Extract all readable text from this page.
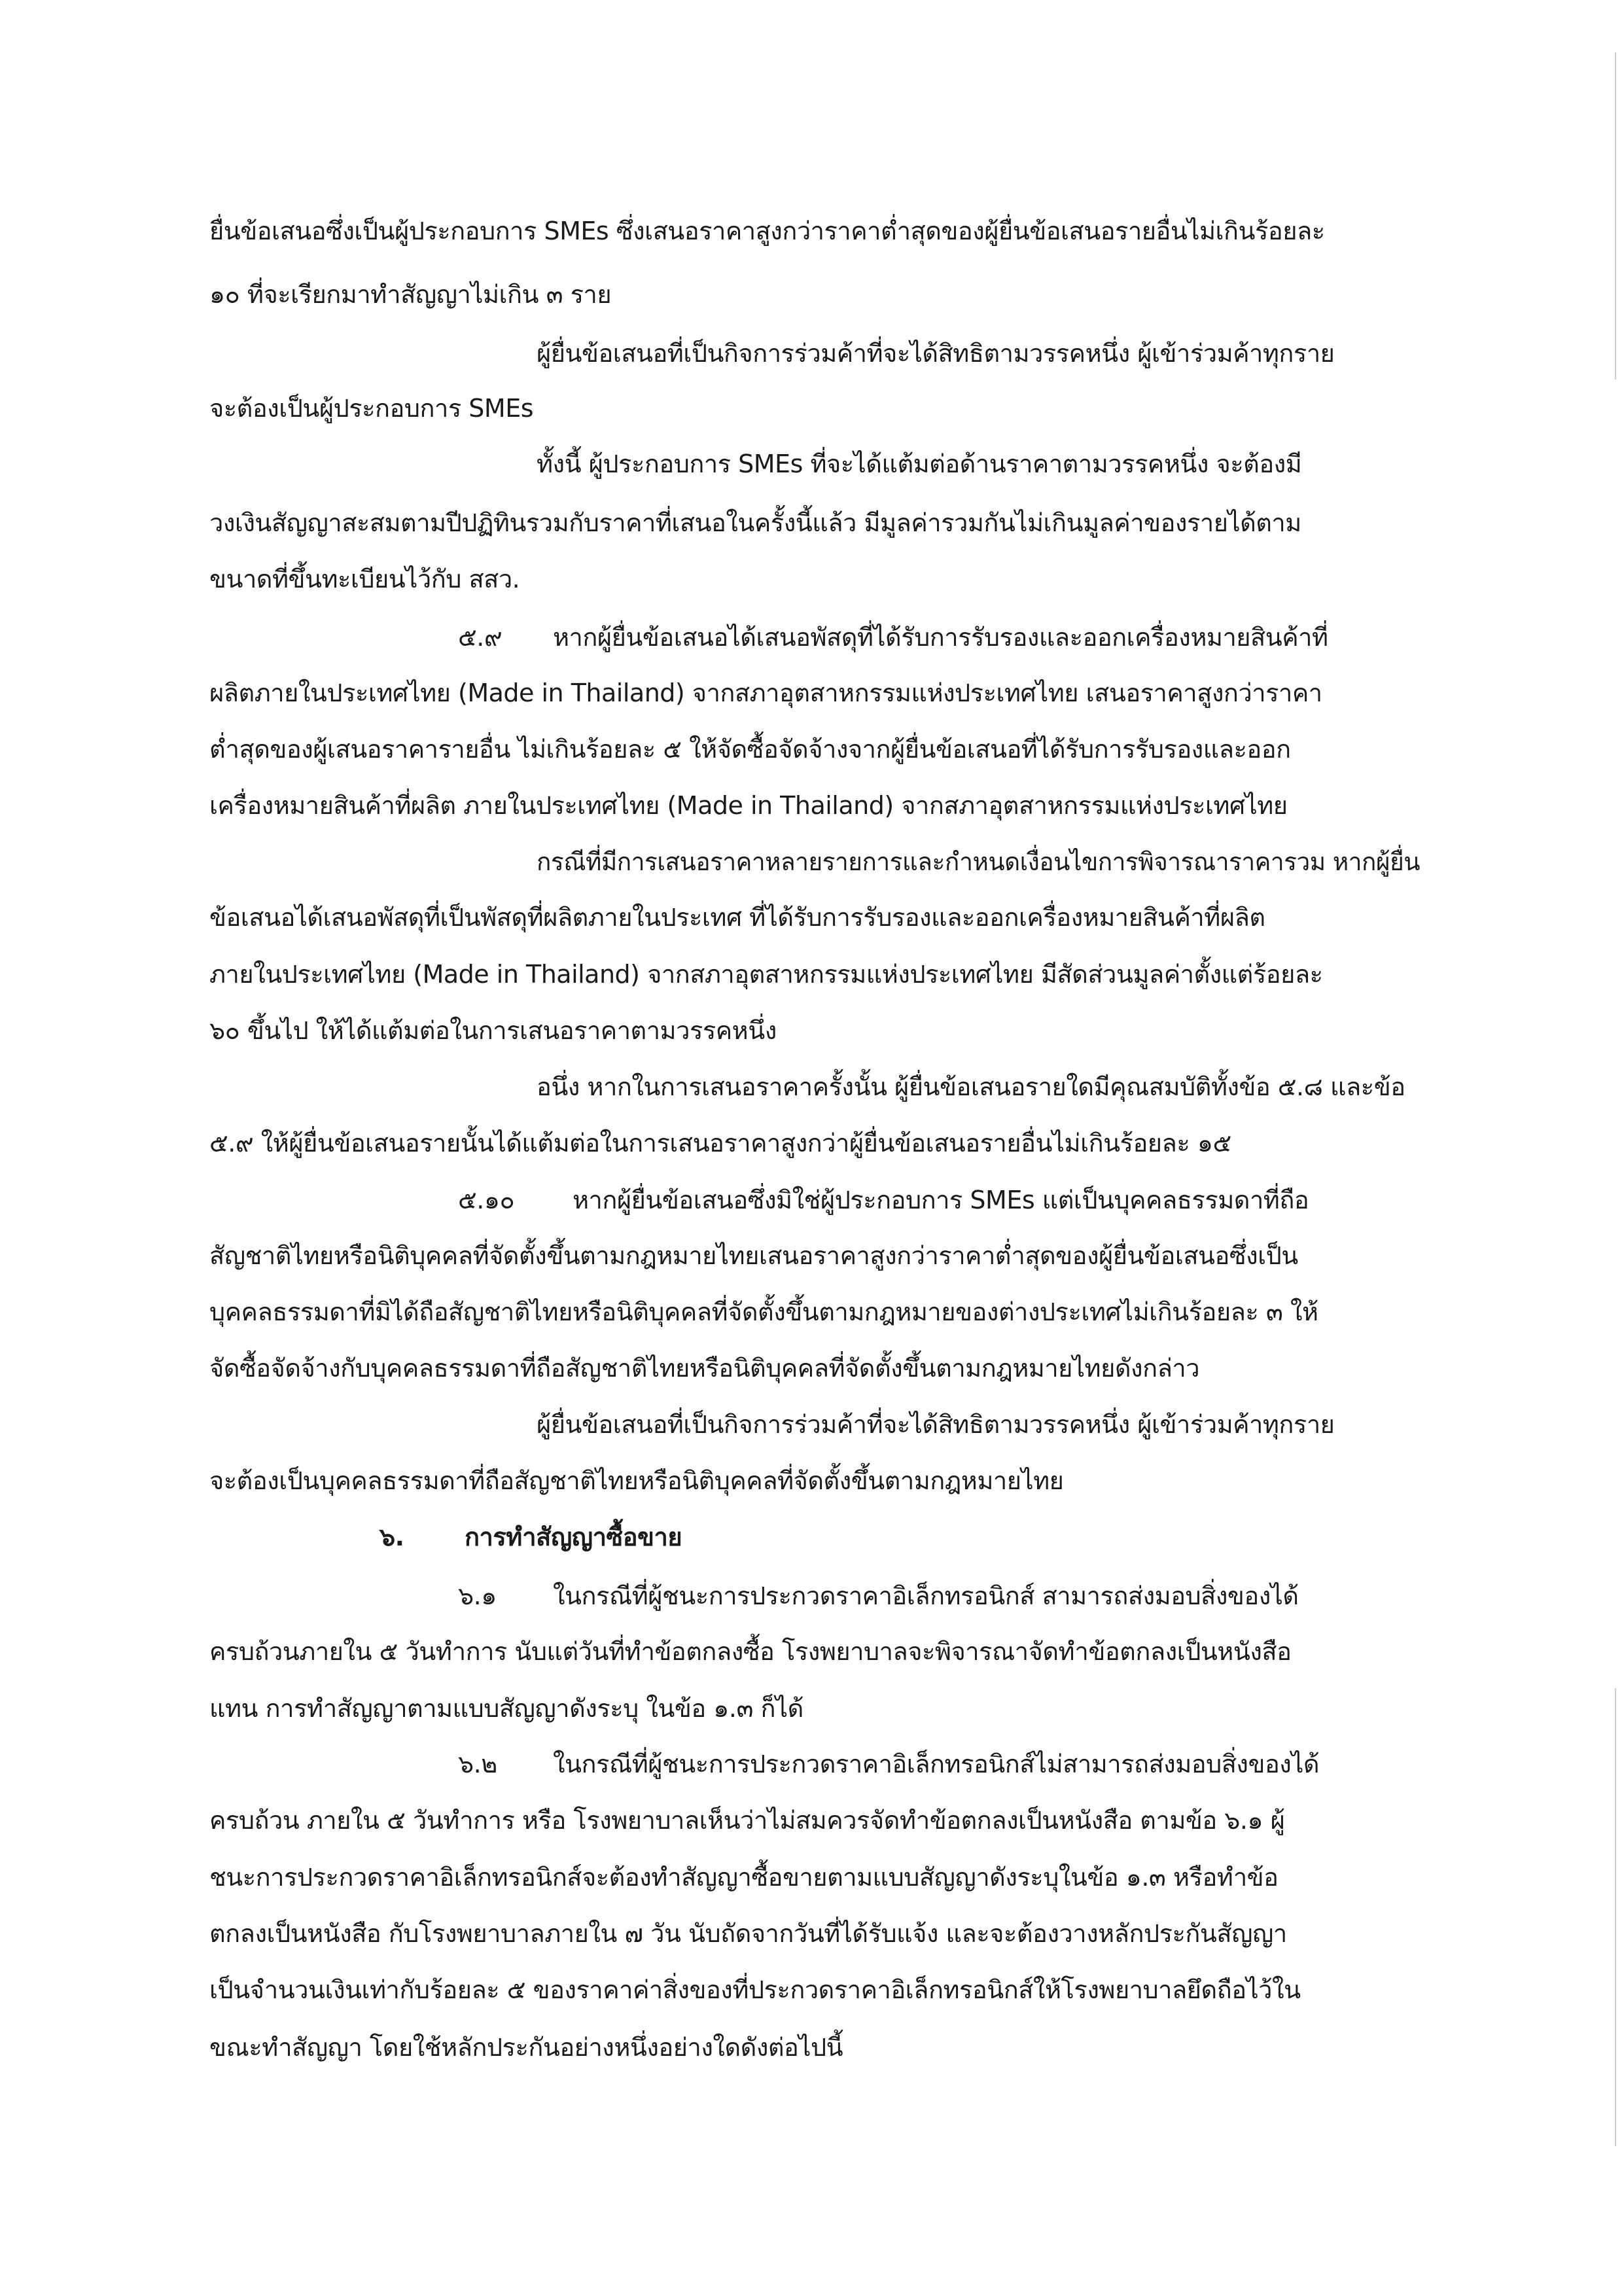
ยื่นข้อเสนอซึ่งเป็นผู้ประกอบการ SMEs ซึ่งเสนอราคาสูงกว่าราคาต่ำสุดของผู้ยื่นข้อเสนอรายอื่นไม่เกินร้อยละ
๑๐ ที่จะเรียกมาทำสัญญาไม่เกิน ๓ ราย
ผู้ยื่นข้อเสนอที่เป็นกิจการร่วมค้าที่จะได้สิทธิตามวรรคหนึ่ง ผู้เข้าร่วมค้าทุกราย
จะต้องเป็นผู้ประกอบการ SMEs
ทั้งนี้ ผู้ประกอบการ SMEs ที่จะได้แต้มต่อด้านราคาตามวรรคหนึ่ง จะต้องมี
วงเงินสัญญาสะสมตามปีปฏิทินรวมกับราคาที่เสนอในครั้งนี้แล้ว มีมูลค่ารวมกันไม่เกินมูลค่าของรายได้ตาม
ขนาดที่ขึ้นทะเบียนไว้กับ สสว.
๕.๙ หากผู้ยื่นข้อเสนอได้เสนอพัสดุที่ได้รับการรับรองและออกเครื่องหมายสินค้าที่
ผลิตภายในประเทศไทย (Made in Thailand) จากสภาอุตสาหกรรมแห่งประเทศไทย เสนอราคาสูงกว่าราคา
ต่ำสุดของผู้เสนอราคารายอื่น ไม่เกินร้อยละ ๕ ให้จัดซื้อจัดจ้างจากผู้ยื่นข้อเสนอที่ได้รับการรับรองและออก
เครื่องหมายสินค้าที่ผลิต ภายในประเทศไทย (Made in Thailand) จากสภาอุตสาหกรรมแห่งประเทศไทย
กรณีที่มีการเสนอราคาหลายรายการและกำหนดเงื่อนไขการพิจารณาราคารวม หากผู้ยื่น
ข้อเสนอได้เสนอพัสดุที่เป็นพัสดุที่ผลิตภายในประเทศ ที่ได้รับการรับรองและออกเครื่องหมายสินค้าที่ผลิต
ภายในประเทศไทย (Made in Thailand) จากสภาอุตสาหกรรมแห่งประเทศไทย มีสัดส่วนมูลค่าตั้งแต่ร้อยละ
๖๐ ขึ้นไป ให้ได้แต้มต่อในการเสนอราคาตามวรรคหนึ่ง
อนึ่ง หากในการเสนอราคาครั้งนั้น ผู้ยื่นข้อเสนอรายใดมีคุณสมบัติทั้งข้อ ๕.๘ และข้อ
๕.๙ ให้ผู้ยื่นข้อเสนอรายนั้นได้แต้มต่อในการเสนอราคาสูงกว่าผู้ยื่นข้อเสนอรายอื่นไม่เกินร้อยละ ๑๕
๕.๑๐ หากผู้ยื่นข้อเสนอซึ่งมิใช่ผู้ประกอบการ SMEs แต่เป็นบุคคลธรรมดาที่ถือ
สัญชาติไทยหรือนิติบุคคลที่จัดตั้งขึ้นตามกฎหมายไทยเสนอราคาสูงกว่าราคาต่ำสุดของผู้ยื่นข้อเสนอซึ่งเป็น
บุคคลธรรมดาที่มิได้ถือสัญชาติไทยหรือนิติบุคคลที่จัดตั้งขึ้นตามกฎหมายของต่างประเทศไม่เกินร้อยละ ๓ ให้
จัดซื้อจัดจ้างกับบุคคลธรรมดาที่ถือสัญชาติไทยหรือนิติบุคคลที่จัดตั้งขึ้นตามกฎหมายไทยดังกล่าว
ผู้ยื่นข้อเสนอที่เป็นกิจการร่วมค้าที่จะได้สิทธิตามวรรคหนึ่ง ผู้เข้าร่วมค้าทุกราย
จะต้องเป็นบุคคลธรรมดาที่ถือสัญชาติไทยหรือนิติบุคคลที่จัดตั้งขึ้นตามกฎหมายไทย
๖. การทำสัญญาซื้อขาย
๖.๑ ในกรณีที่ผู้ชนะการประกวดราคาอิเล็กทรอนิกส์ สามารถส่งมอบสิ่งของได้
ครบถ้วนภายใน ๕ วันทำการ นับแต่วันที่ทำข้อตกลงซื้อ โรงพยาบาลจะพิจารณาจัดทำข้อตกลงเป็นหนังสือ
แทน การทำสัญญาตามแบบสัญญาดังระบุ ในข้อ ๑.๓ ก็ได้
๖.๒ ในกรณีที่ผู้ชนะการประกวดราคาอิเล็กทรอนิกส์ไม่สามารถส่งมอบสิ่งของได้
ครบถ้วน ภายใน ๕ วันทำการ หรือ โรงพยาบาลเห็นว่าไม่สมควรจัดทำข้อตกลงเป็นหนังสือ ตามข้อ ๖.๑ ผู้
ชนะการประกวดราคาอิเล็กทรอนิกส์จะต้องทำสัญญาซื้อขายตามแบบสัญญาดังระบุในข้อ ๑.๓ หรือทำข้อ
ตกลงเป็นหนังสือ กับโรงพยาบาลภายใน ๗ วัน นับถัดจากวันที่ได้รับแจ้ง และจะต้องวางหลักประกันสัญญา
เป็นจำนวนเงินเท่ากับร้อยละ ๕ ของราคาค่าสิ่งของที่ประกวดราคาอิเล็กทรอนิกส์ให้โรงพยาบาลยึดถือไว้ใน
ขณะทำสัญญา โดยใช้หลักประกันอย่างหนึ่งอย่างใดดังต่อไปนี้
